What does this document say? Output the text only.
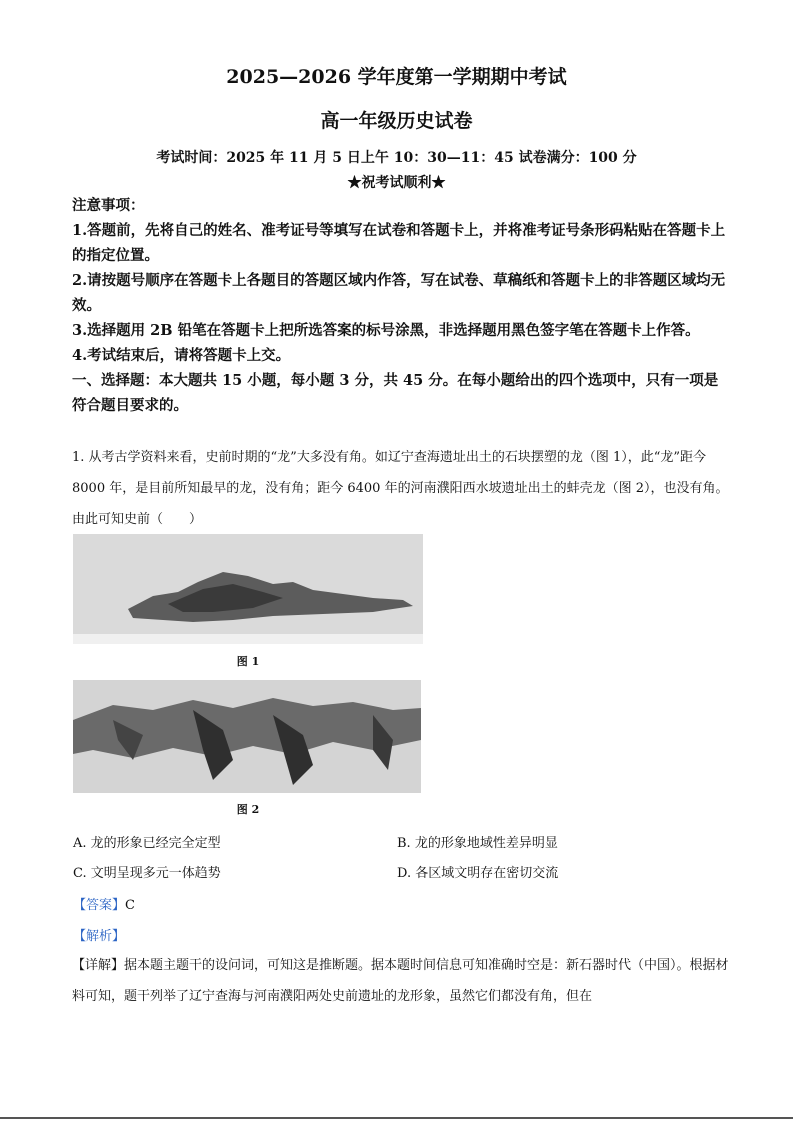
2025—2026 学年度第一学期期中考试
高一年级历史试卷
考试时间：2025 年 11 月 5 日上午 10：30—11：45 试卷满分：100 分
★祝考试顺利★
注意事项：
1.答题前，先将自己的姓名、准考证号等填写在试卷和答题卡上，并将准考证号条形码粘贴在答题卡上的指定位置。
2.请按题号顺序在答题卡上各题目的答题区域内作答，写在试卷、草稿纸和答题卡上的非答题区域均无效。
3.选择题用 2B 铅笔在答题卡上把所选答案的标号涂黑，非选择题用黑色签字笔在答题卡上作答。
4.考试结束后，请将答题卡上交。
一、选择题：本大题共 15 小题，每小题 3 分，共 45 分。在每小题给出的四个选项中，只有一项是符合题目要求的。
1. 从考古学资料来看，史前时期的“龙”大多没有角。如辽宁查海遗址出土的石块摆塑的龙（图 1），此“龙”距今 8000 年，是目前所知最早的龙，没有角；距今 6400 年的河南濮阳西水坡遗址出土的蚌壳龙（图 2），也没有角。由此可知史前（　　）
图 1
图 2
A. 龙的形象已经完全定型	B. 龙的形象地域性差异明显
C. 文明呈现多元一体趋势	D. 各区域文明存在密切交流
【答案】C
【解析】
【详解】据本题主题干的设问词，可知这是推断题。据本题时间信息可知准确时空是：新石器时代（中国）。根据材料可知，题干列举了辽宁查海与河南濮阳两处史前遗址的龙形象，虽然它们都没有角，但在
